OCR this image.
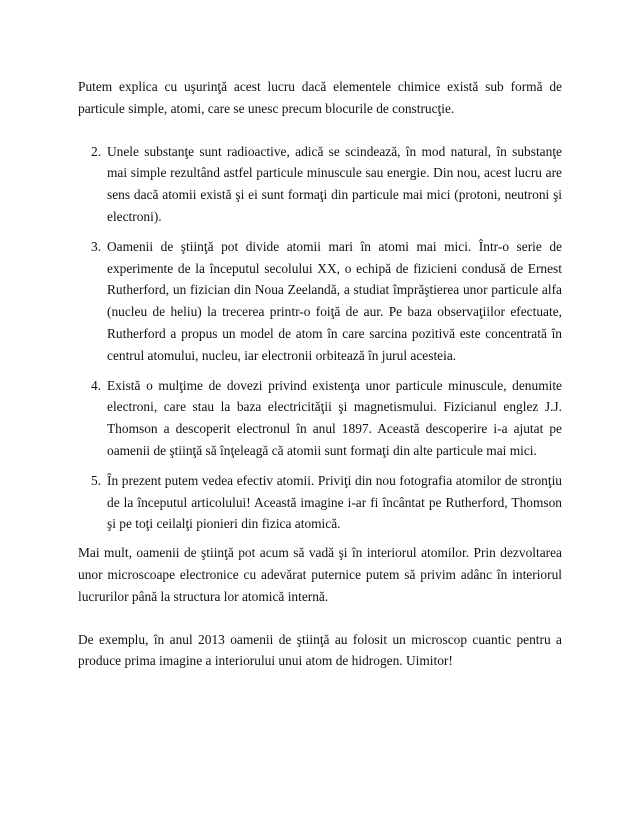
Putem explica cu uşurinţă acest lucru dacă elementele chimice există sub formă de particule simple, atomi, care se unesc precum blocurile de construcţie.

2. Unele substanţe sunt radioactive, adică se scindează, în mod natural, în substanţe mai simple rezultând astfel particule minuscule sau energie. Din nou, acest lucru are sens dacă atomii există şi ei sunt formaţi din particule mai mici (protoni, neutroni şi electroni).
3. Oamenii de ştiinţă pot divide atomii mari în atomi mai mici. Într-o serie de experimente de la începutul secolului XX, o echipă de fizicieni condusă de Ernest Rutherford, un fizician din Noua Zeelandă, a studiat împrăştierea unor particule alfa (nucleu de heliu) la trecerea printr-o foiţă de aur. Pe baza observaţiilor efectuate, Rutherford a propus un model de atom în care sarcina pozitivă este concentrată în centrul atomului, nucleu, iar electronii orbitează în jurul acesteia.
4. Există o mulţime de dovezi privind existenţa unor particule minuscule, denumite electroni, care stau la baza electricităţii şi magnetismului. Fizicianul englez J.J. Thomson a descoperit electronul în anul 1897. Această descoperire i-a ajutat pe oamenii de ştiinţă să înţeleagă că atomii sunt formaţi din alte particule mai mici.
5. În prezent putem vedea efectiv atomii. Priviţi din nou fotografia atomilor de stronţiu de la începutul articolului! Această imagine i-ar fi încântat pe Rutherford, Thomson şi pe toţi ceilalţi pionieri din fizica atomică.

Mai mult, oamenii de ştiinţă pot acum să vadă şi în interiorul atomilor. Prin dezvoltarea unor microscoape electronice cu adevărat puternice putem să privim adânc în interiorul lucrurilor până la structura lor atomică internă.

De exemplu, în anul 2013 oamenii de ştiinţă au folosit un microscop cuantic pentru a produce prima imagine a interiorului unui atom de hidrogen. Uimitor!
